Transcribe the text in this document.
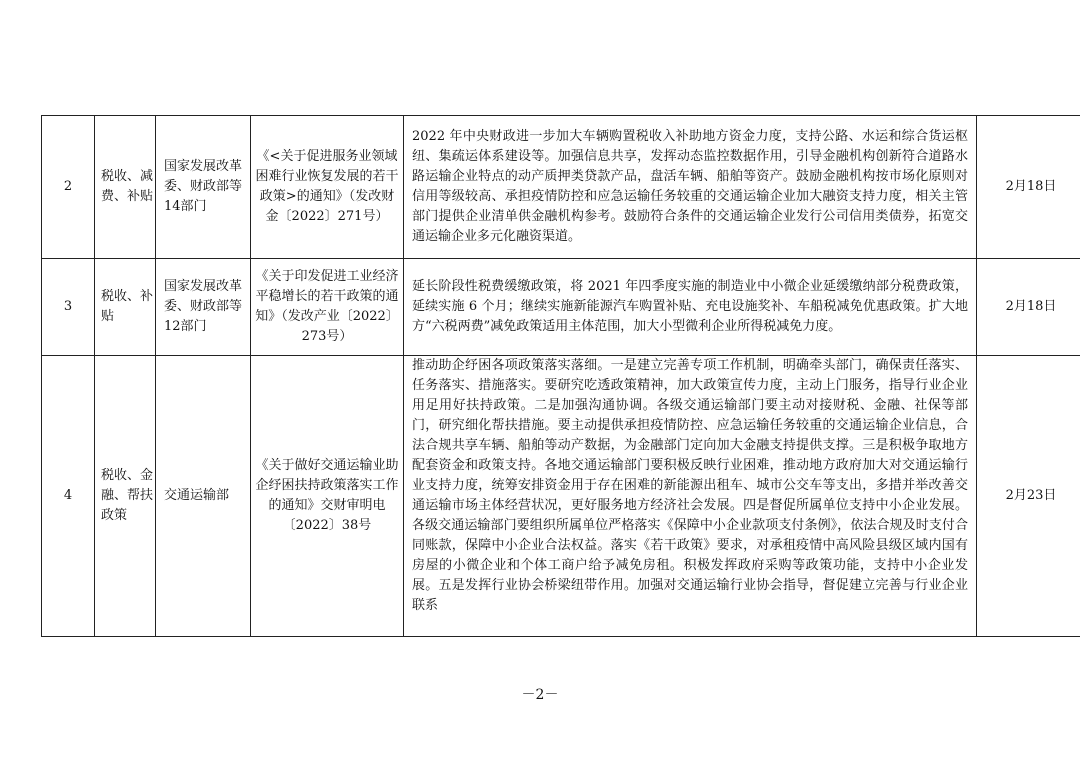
2	税收、减费、补贴	国家发展改革委、财政部等14部门	《<关于促进服务业领域困难行业恢复发展的若干政策>的通知》（发改财金〔2022〕271号）	2022 年中央财政进一步加大车辆购置税收入补助地方资金力度，支持公路、水运和综合货运枢纽、集疏运体系建设等。加强信息共享，发挥动态监控数据作用，引导金融机构创新符合道路水路运输企业特点的动产质押类贷款产品，盘活车辆、船舶等资产。鼓励金融机构按市场化原则对信用等级较高、承担疫情防控和应急运输任务较重的交通运输企业加大融资支持力度，相关主管部门提供企业清单供金融机构参考。鼓励符合条件的交通运输企业发行公司信用类债券，拓宽交通运输企业多元化融资渠道。	2月18日
3	税收、补贴	国家发展改革委、财政部等12部门	《关于印发促进工业经济平稳增长的若干政策的通知》（发改产业〔2022〕273号）	延长阶段性税费缓缴政策，将 2021 年四季度实施的制造业中小微企业延缓缴纳部分税费政策，延续实施 6 个月；继续实施新能源汽车购置补贴、充电设施奖补、车船税减免优惠政策。扩大地方“六税两费”减免政策适用主体范围，加大小型微利企业所得税减免力度。	2月18日
4	税收、金融、帮扶政策	交通运输部	《关于做好交通运输业助企纾困扶持政策落实工作的通知》交财审明电〔2022〕38号	推动助企纾困各项政策落实落细。一是建立完善专项工作机制，明确牵头部门，确保责任落实、任务落实、措施落实。要研究吃透政策精神，加大政策宣传力度，主动上门服务，指导行业企业用足用好扶持政策。二是加强沟通协调。各级交通运输部门要主动对接财税、金融、社保等部门，研究细化帮扶措施。要主动提供承担疫情防控、应急运输任务较重的交通运输企业信息，合法合规共享车辆、船舶等动产数据，为金融部门定向加大金融支持提供支撑。三是积极争取地方配套资金和政策支持。各地交通运输部门要积极反映行业困难，推动地方政府加大对交通运输行业支持力度，统筹安排资金用于存在困难的新能源出租车、城市公交车等支出，多措并举改善交通运输市场主体经营状况，更好服务地方经济社会发展。四是督促所属单位支持中小企业发展。各级交通运输部门要组织所属单位严格落实《保障中小企业款项支付条例》，依法合规及时支付合同账款，保障中小企业合法权益。落实《若干政策》要求，对承租疫情中高风险县级区域内国有房屋的小微企业和个体工商户给予减免房租。积极发挥政府采购等政策功能，支持中小企业发展。五是发挥行业协会桥梁纽带作用。加强对交通运输行业协会指导，督促建立完善与行业企业联系	2月23日
－2－
